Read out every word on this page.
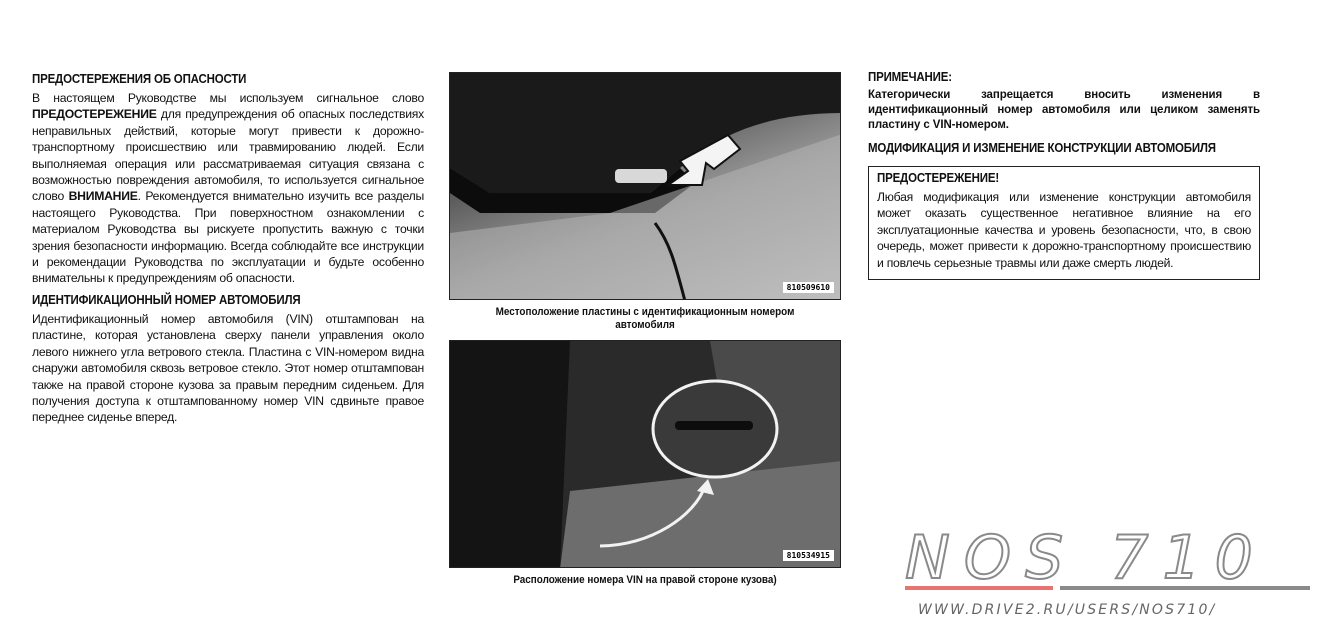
ПРЕДОСТЕРЕЖЕНИЯ ОБ ОПАСНОСТИ
В настоящем Руководстве мы используем сигнальное слово ПРЕДОСТЕРЕЖЕНИЕ для предупреждения об опасных последствиях неправильных действий, которые могут привести к дорожно-транспортному происшествию или травмированию людей. Если выполняемая операция или рассматриваемая ситуация связана с возможностью повреждения автомобиля, то используется сигнальное слово ВНИМАНИЕ. Рекомендуется внимательно изучить все разделы настоящего Руководства. При поверхностном ознакомлении с материалом Руководства вы рискуете пропустить важную с точки зрения безопасности информацию. Всегда соблюдайте все инструкции и рекомендации Руководства по эксплуатации и будьте особенно внимательны к предупреждениям об опасности.
ИДЕНТИФИКАЦИОННЫЙ НОМЕР АВТОМОБИЛЯ
Идентификационный номер автомобиля (VIN) отштампован на пластине, которая установлена сверху панели управления около левого нижнего угла ветрового стекла. Пластина с VIN-номером видна снаружи автомобиля сквозь ветровое стекло. Этот номер отштампован также на правой стороне кузова за правым передним сиденьем. Для получения доступа к отштампованному номер VIN сдвиньте правое переднее сиденье вперед.
810509610
Местоположение пластины с идентификационным номером автомобиля
810534915
Расположение номера VIN на правой стороне кузова)
ПРИМЕЧАНИЕ:
Категорически запрещается вносить изменения в идентификационный номер автомобиля или целиком заменять пластину с VIN-номером.
МОДИФИКАЦИЯ И ИЗМЕНЕНИЕ КОНСТРУКЦИИ АВТОМОБИЛЯ
ПРЕДОСТЕРЕЖЕНИЕ!
Любая модификация или изменение конструкции автомобиля может оказать существенное негативное влияние на его эксплуатационные качества и уровень безопасности, что, в свою очередь, может привести к дорожно-транспортному происшествию и повлечь серьезные травмы или даже смерть людей.
NOS 710
WWW.DRIVE2.RU/USERS/NOS710/
